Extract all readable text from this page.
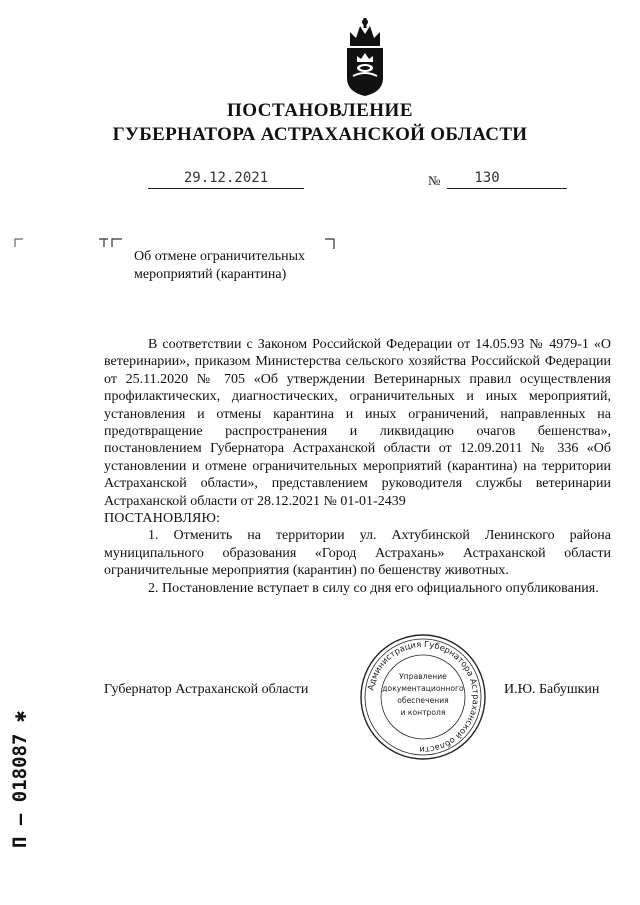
ПОСТАНОВЛЕНИЕ
ГУБЕРНАТОРА АСТРАХАНСКОЙ ОБЛАСТИ
29.12.2021	№	130
Об отмене ограничительных
мероприятий (карантина)

В соответствии с Законом Российской Федерации от 14.05.93 № 4979-1 «О ветеринарии», приказом Министерства сельского хозяйства Российской Федерации от 25.11.2020 № 705 «Об утверждении Ветеринарных правил осуществления профилактических, диагностических, ограничительных и иных мероприятий, установления и отмены карантина и иных ограничений, направленных на предотвращение распространения и ликвидацию очагов бешенства», постановлением Губернатора Астраханской области от 12.09.2011 № 336 «Об установлении и отмене ограничительных мероприятий (карантина) на территории Астраханской области», представлением руководителя службы ветеринарии Астраханской области от 28.12.2021 № 01-01-2439

ПОСТАНОВЛЯЮ:

1. Отменить на территории ул. Ахтубинской Ленинского района муниципального образования «Город Астрахань» Астраханской области ограничительные мероприятия (карантин) по бешенству животных.

2. Постановление вступает в силу со дня его официального опубликования.

Губернатор Астраханской области	И.Ю. Бабушкин
Администрация Губернатора Астраханской области
Управление
документационного
обеспечения
и контроля
П – 018087 ✱
